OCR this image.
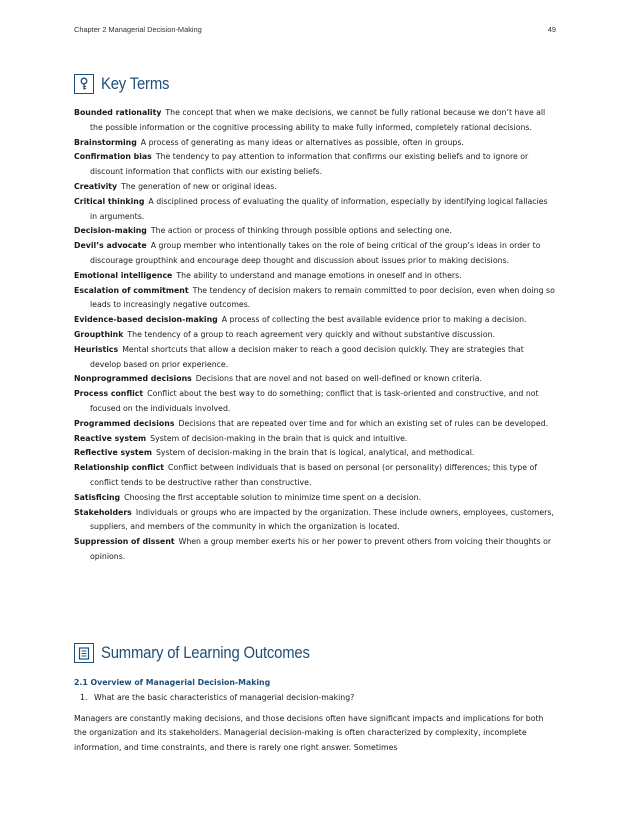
Chapter 2 Managerial Decision-Making	49
Key Terms

Bounded rationality The concept that when we make decisions, we cannot be fully rational because we don’t have all the possible information or the cognitive processing ability to make fully informed, completely rational decisions.

Brainstorming A process of generating as many ideas or alternatives as possible, often in groups.

Confirmation bias The tendency to pay attention to information that confirms our existing beliefs and to ignore or discount information that conflicts with our existing beliefs.

Creativity The generation of new or original ideas.

Critical thinking A disciplined process of evaluating the quality of information, especially by identifying logical fallacies in arguments.

Decision-making The action or process of thinking through possible options and selecting one.

Devil’s advocate A group member who intentionally takes on the role of being critical of the group’s ideas in order to discourage groupthink and encourage deep thought and discussion about issues prior to making decisions.

Emotional intelligence The ability to understand and manage emotions in oneself and in others.

Escalation of commitment The tendency of decision makers to remain committed to poor decision, even when doing so leads to increasingly negative outcomes.

Evidence-based decision-making A process of collecting the best available evidence prior to making a decision.

Groupthink The tendency of a group to reach agreement very quickly and without substantive discussion.

Heuristics Mental shortcuts that allow a decision maker to reach a good decision quickly. They are strategies that develop based on prior experience.

Nonprogrammed decisions Decisions that are novel and not based on well-defined or known criteria.

Process conflict Conflict about the best way to do something; conflict that is task-oriented and constructive, and not focused on the individuals involved.

Programmed decisions Decisions that are repeated over time and for which an existing set of rules can be developed.

Reactive system System of decision-making in the brain that is quick and intuitive.

Reflective system System of decision-making in the brain that is logical, analytical, and methodical.

Relationship conflict Conflict between individuals that is based on personal (or personality) differences; this type of conflict tends to be destructive rather than constructive.

Satisficing Choosing the first acceptable solution to minimize time spent on a decision.

Stakeholders Individuals or groups who are impacted by the organization. These include owners, employees, customers, suppliers, and members of the community in which the organization is located.

Suppression of dissent When a group member exerts his or her power to prevent others from voicing their thoughts or opinions.

Summary of Learning Outcomes

2.1 Overview of Managerial Decision-Making

1. What are the basic characteristics of managerial decision-making?

Managers are constantly making decisions, and those decisions often have significant impacts and implications for both the organization and its stakeholders. Managerial decision-making is often characterized by complexity, incomplete information, and time constraints, and there is rarely one right answer. Sometimes
